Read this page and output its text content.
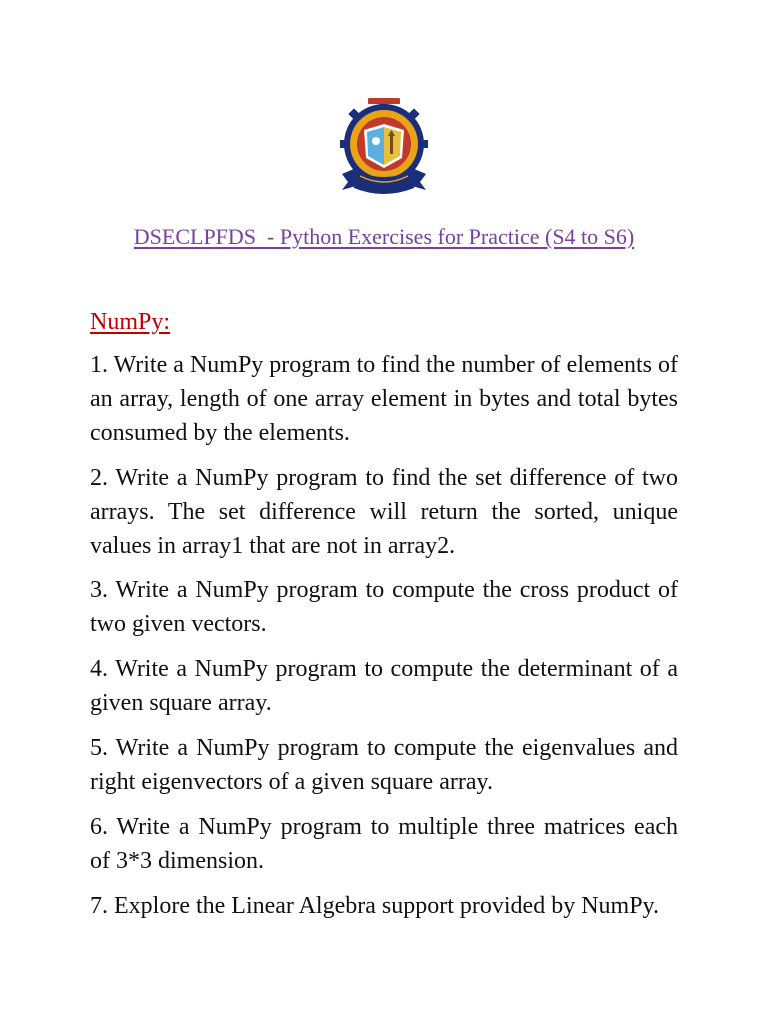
DSECLPFDS  - Python Exercises for Practice (S4 to S6)
NumPy:

1. Write a NumPy program to find the number of elements of an array, length of one array element in bytes and total bytes consumed by the elements.

2. Write a NumPy program to find the set difference of two arrays. The set difference will return the sorted, unique values in array1 that are not in array2.

3. Write a NumPy program to compute the cross product of two given vectors.

4. Write a NumPy program to compute the determinant of a given square array.

5. Write a NumPy program to compute the eigenvalues and right eigenvectors of a given square array.

6. Write a NumPy program to multiple three matrices each of 3*3 dimension.

7. Explore the Linear Algebra support provided by NumPy.
